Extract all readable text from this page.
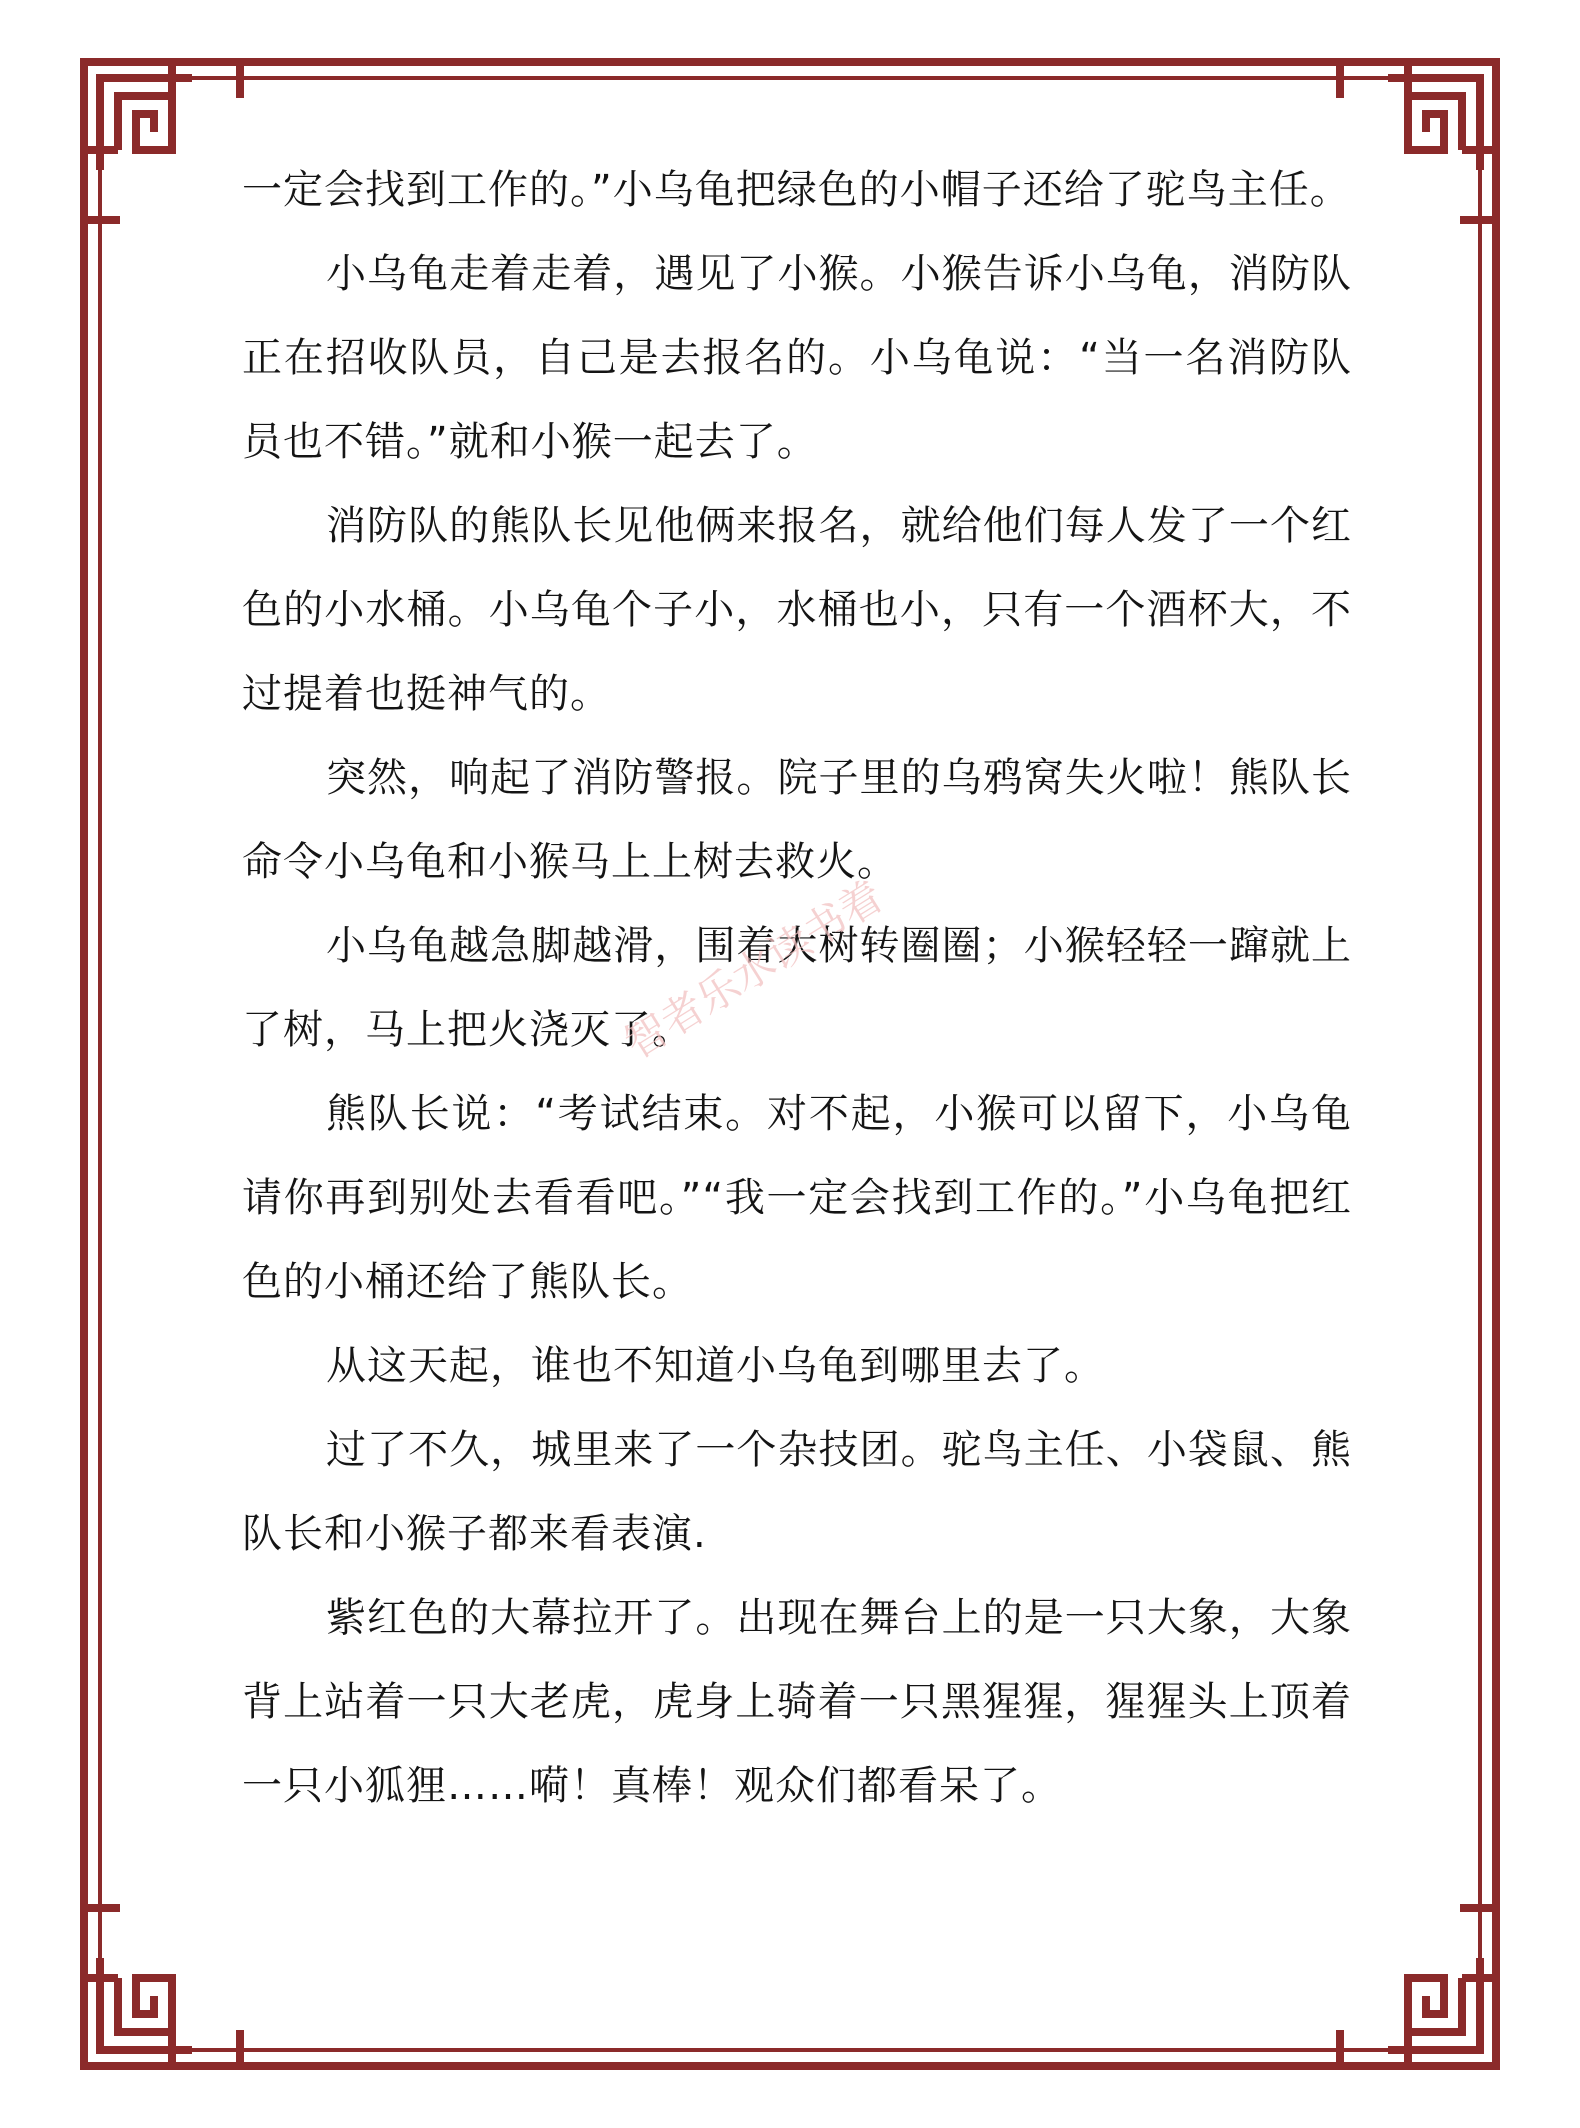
一定会找到工作的。”小乌龟把绿色的小帽子还给了驼鸟主任。

小乌龟走着走着，遇见了小猴。小猴告诉小乌龟，消防队正在招收队员，自己是去报名的。小乌龟说：“当一名消防队员也不错。”就和小猴一起去了。

消防队的熊队长见他俩来报名，就给他们每人发了一个红色的小水桶。小乌龟个子小，水桶也小，只有一个酒杯大，不过提着也挺神气的。

突然，响起了消防警报。院子里的乌鸦窝失火啦！熊队长命令小乌龟和小猴马上上树去救火。

小乌龟越急脚越滑，围着大树转圈圈；小猴轻轻一蹿就上了树，马上把火浇灭了。

熊队长说：“考试结束。对不起，小猴可以留下，小乌龟请你再到别处去看看吧。”“我一定会找到工作的。”小乌龟把红色的小桶还给了熊队长。

从这天起，谁也不知道小乌龟到哪里去了。

过了不久，城里来了一个杂技团。驼鸟主任、小袋鼠、熊队长和小猴子都来看表演.

紫红色的大幕拉开了。出现在舞台上的是一只大象，大象背上站着一只大老虎，虎身上骑着一只黑猩猩，猩猩头上顶着一只小狐狸……嗬！真棒！观众们都看呆了。

智者乐水读书着
